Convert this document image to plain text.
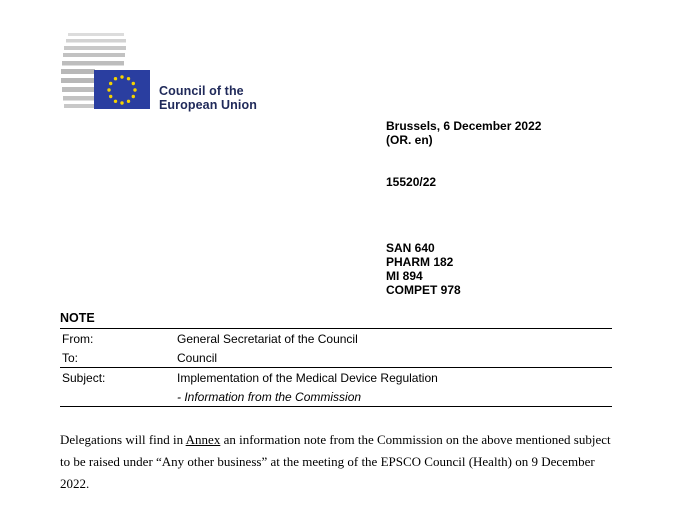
Council of the
European Union
Brussels, 6 December 2022
(OR. en)
15520/22
SAN 640
PHARM 182
MI 894
COMPET 978
NOTE
From:	General Secretariat of the Council
To:	Council
Subject:	Implementation of the Medical Device Regulation
	- Information from the Commission
Delegations will find in Annex an information note from the Commission on the above mentioned subject to be raised under “Any other business” at the meeting of the EPSCO Council (Health) on 9 December 2022.
